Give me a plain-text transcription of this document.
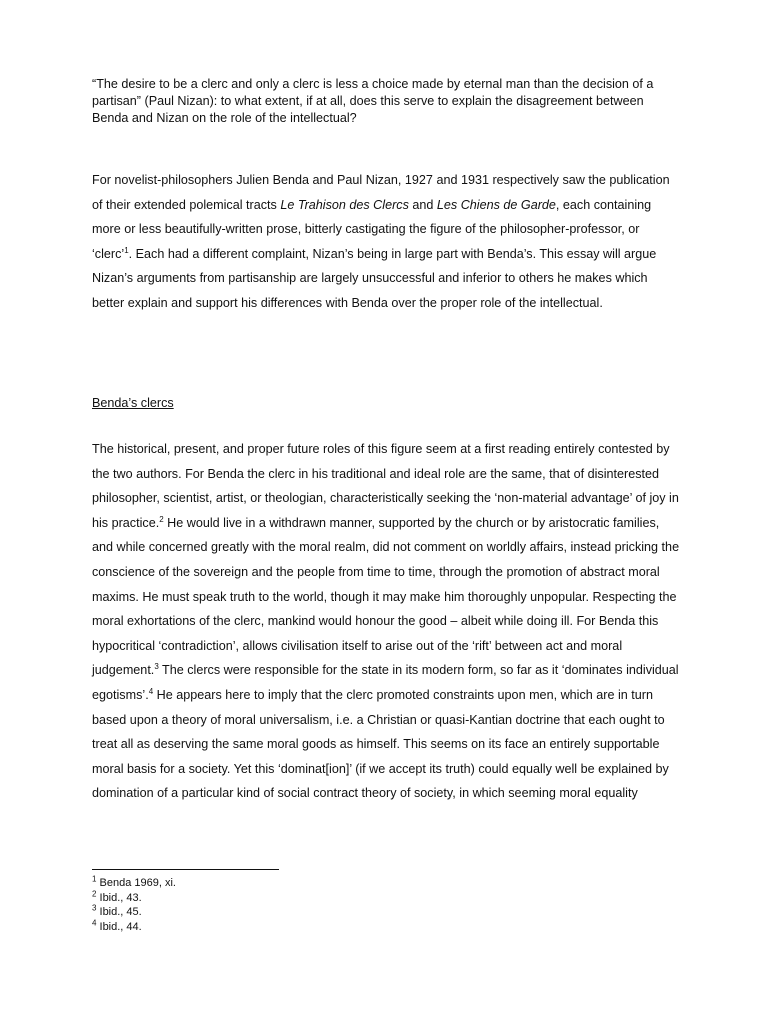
“The desire to be a clerc and only a clerc is less a choice made by eternal man than the decision of a partisan” (Paul Nizan): to what extent, if at all, does this serve to explain the disagreement between Benda and Nizan on the role of the intellectual?

For novelist-philosophers Julien Benda and Paul Nizan, 1927 and 1931 respectively saw the publication of their extended polemical tracts Le Trahison des Clercs and Les Chiens de Garde, each containing more or less beautifully-written prose, bitterly castigating the figure of the philosopher-professor, or ‘clerc’$^1$. Each had a different complaint, Nizan’s being in large part with Benda’s. This essay will argue Nizan’s arguments from partisanship are largely unsuccessful and inferior to others he makes which better explain and support his differences with Benda over the proper role of the intellectual.

Benda’s clercs

The historical, present, and proper future roles of this figure seem at a first reading entirely contested by the two authors. For Benda the clerc in his traditional and ideal role are the same, that of disinterested philosopher, scientist, artist, or theologian, characteristically seeking the ‘non-material advantage’ of joy in his practice.$^2$ He would live in a withdrawn manner, supported by the church or by aristocratic families, and while concerned greatly with the moral realm, did not comment on worldly affairs, instead pricking the conscience of the sovereign and the people from time to time, through the promotion of abstract moral maxims. He must speak truth to the world, though it may make him thoroughly unpopular. Respecting the moral exhortations of the clerc, mankind would honour the good – albeit while doing ill. For Benda this hypocritical ‘contradiction’, allows civilisation itself to arise out of the ‘rift’ between act and moral judgement.$^3$ The clercs were responsible for the state in its modern form, so far as it ‘dominates individual egotisms’.$^4$ He appears here to imply that the clerc promoted constraints upon men, which are in turn based upon a theory of moral universalism, i.e. a Christian or quasi-Kantian doctrine that each ought to treat all as deserving the same moral goods as himself. This seems on its face an entirely supportable moral basis for a society. Yet this ‘dominat[ion]’ (if we accept its truth) could equally well be explained by domination of a particular kind of social contract theory of society, in which seeming moral equality

$^1$ Benda 1969, xi.
$^2$ Ibid., 43.
$^3$ Ibid., 45.
$^4$ Ibid., 44.
